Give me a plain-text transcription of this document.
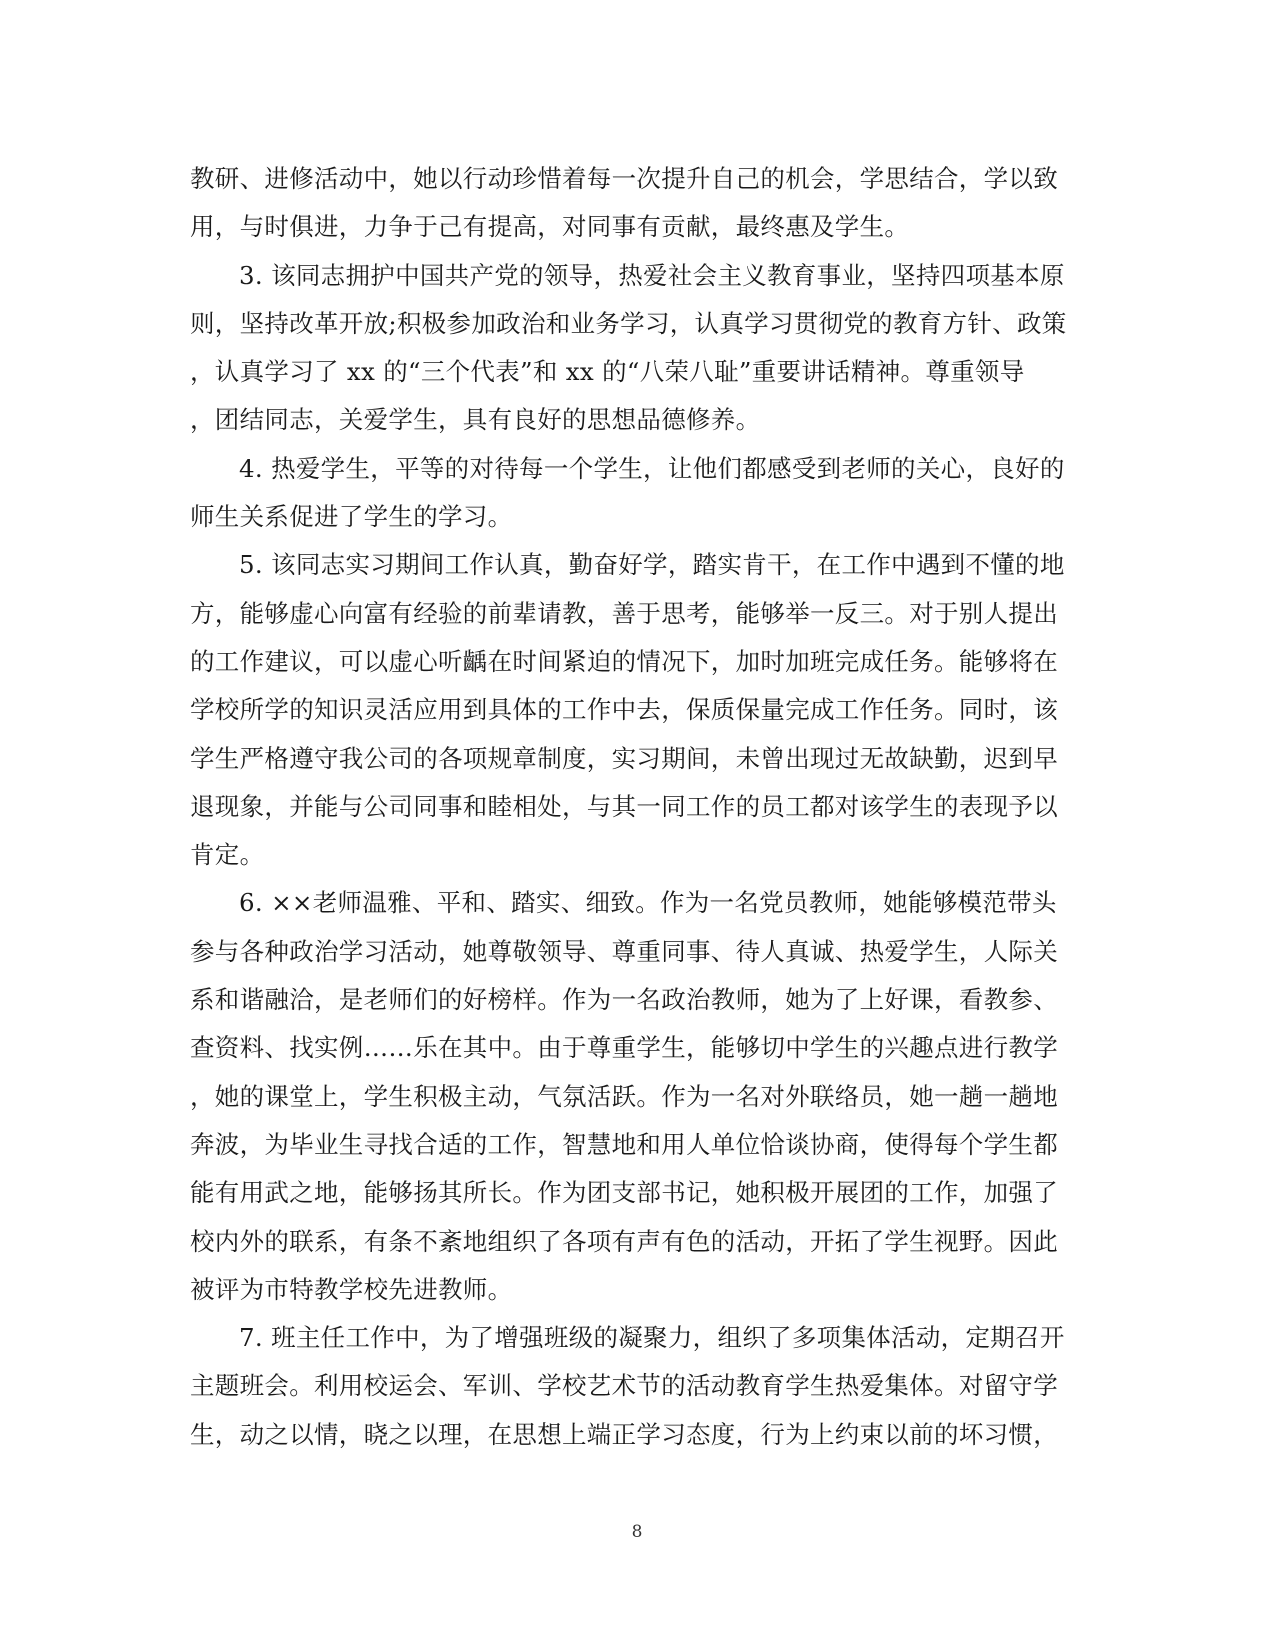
教研、进修活动中，她以行动珍惜着每一次提升自己的机会，学思结合，学以致
用，与时俱进，力争于己有提高，对同事有贡献，最终惠及学生。
3. 该同志拥护中国共产党的领导，热爱社会主义教育事业，坚持四项基本原
则，坚持改革开放;积极参加政治和业务学习，认真学习贯彻党的教育方针、政策
，认真学习了 xx 的“三个代表”和 xx 的“八荣八耻”重要讲话精神。尊重领导
，团结同志，关爱学生，具有良好的思想品德修养。
4. 热爱学生，平等的对待每一个学生，让他们都感受到老师的关心，良好的
师生关系促进了学生的学习。
5. 该同志实习期间工作认真，勤奋好学，踏实肯干，在工作中遇到不懂的地
方，能够虚心向富有经验的前辈请教，善于思考，能够举一反三。对于别人提出
的工作建议，可以虚心听齲在时间紧迫的情况下，加时加班完成任务。能够将在
学校所学的知识灵活应用到具体的工作中去，保质保量完成工作任务。同时，该
学生严格遵守我公司的各项规章制度，实习期间，未曾出现过无故缺勤，迟到早
退现象，并能与公司同事和睦相处，与其一同工作的员工都对该学生的表现予以
肯定。
6. ××老师温雅、平和、踏实、细致。作为一名党员教师，她能够模范带头
参与各种政治学习活动，她尊敬领导、尊重同事、待人真诚、热爱学生，人际关
系和谐融洽，是老师们的好榜样。作为一名政治教师，她为了上好课，看教参、
查资料、找实例……乐在其中。由于尊重学生，能够切中学生的兴趣点进行教学
，她的课堂上，学生积极主动，气氛活跃。作为一名对外联络员，她一趟一趟地
奔波，为毕业生寻找合适的工作，智慧地和用人单位恰谈协商，使得每个学生都
能有用武之地，能够扬其所长。作为团支部书记，她积极开展团的工作，加强了
校内外的联系，有条不紊地组织了各项有声有色的活动，开拓了学生视野。因此
被评为市特教学校先进教师。
7. 班主任工作中，为了增强班级的凝聚力，组织了多项集体活动，定期召开
主题班会。利用校运会、军训、学校艺术节的活动教育学生热爱集体。对留守学
生，动之以情，晓之以理，在思想上端正学习态度，行为上约束以前的坏习惯，
8
